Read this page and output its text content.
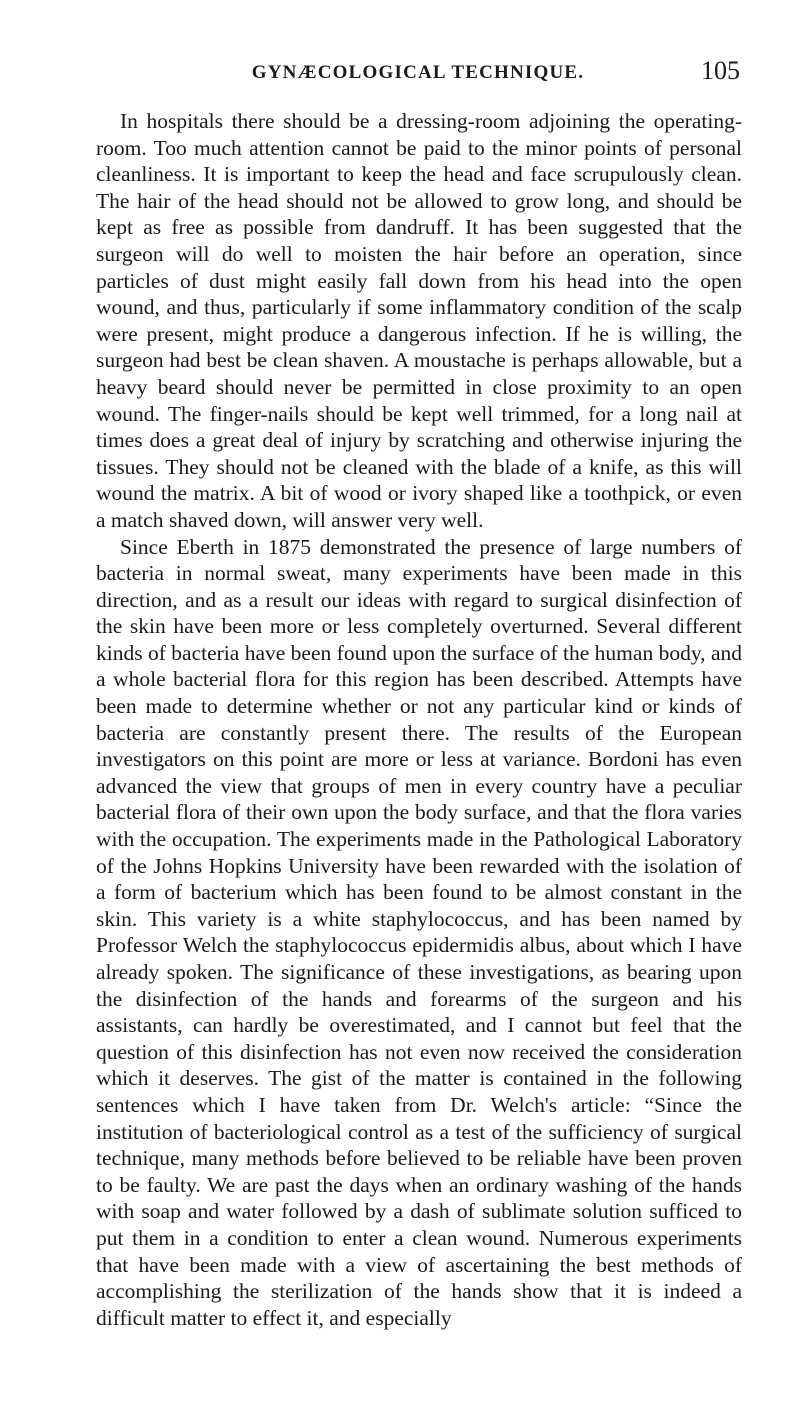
GYNÆCOLOGICAL TECHNIQUE.	105

In hospitals there should be a dressing-room adjoining the operating-room. Too much attention cannot be paid to the minor points of personal cleanliness. It is important to keep the head and face scrupulously clean. The hair of the head should not be allowed to grow long, and should be kept as free as possible from dandruff. It has been suggested that the surgeon will do well to moisten the hair before an operation, since particles of dust might easily fall down from his head into the open wound, and thus, particularly if some inflammatory condition of the scalp were present, might produce a dangerous infection. If he is willing, the surgeon had best be clean shaven. A moustache is perhaps allowable, but a heavy beard should never be permitted in close proximity to an open wound. The finger-nails should be kept well trimmed, for a long nail at times does a great deal of injury by scratching and otherwise injuring the tissues. They should not be cleaned with the blade of a knife, as this will wound the matrix. A bit of wood or ivory shaped like a toothpick, or even a match shaved down, will answer very well.

Since Eberth in 1875 demonstrated the presence of large numbers of bacteria in normal sweat, many experiments have been made in this direction, and as a result our ideas with regard to surgical disinfection of the skin have been more or less completely overturned. Several different kinds of bacteria have been found upon the surface of the human body, and a whole bacterial flora for this region has been described. Attempts have been made to determine whether or not any particular kind or kinds of bacteria are constantly present there. The results of the European investigators on this point are more or less at variance. Bordoni has even advanced the view that groups of men in every country have a peculiar bacterial flora of their own upon the body surface, and that the flora varies with the occupation. The experiments made in the Pathological Laboratory of the Johns Hopkins University have been rewarded with the isolation of a form of bacterium which has been found to be almost constant in the skin. This variety is a white staphylococcus, and has been named by Professor Welch the staphylococcus epidermidis albus, about which I have already spoken. The significance of these investigations, as bearing upon the disinfection of the hands and forearms of the surgeon and his assistants, can hardly be overestimated, and I cannot but feel that the question of this disinfection has not even now received the consideration which it deserves. The gist of the matter is contained in the following sentences which I have taken from Dr. Welch's article: “Since the institution of bacteriological control as a test of the sufficiency of surgical technique, many methods before believed to be reliable have been proven to be faulty. We are past the days when an ordinary washing of the hands with soap and water followed by a dash of sublimate solution sufficed to put them in a condition to enter a clean wound. Numerous experiments that have been made with a view of ascertaining the best methods of accomplishing the sterilization of the hands show that it is indeed a difficult matter to effect it, and especially
